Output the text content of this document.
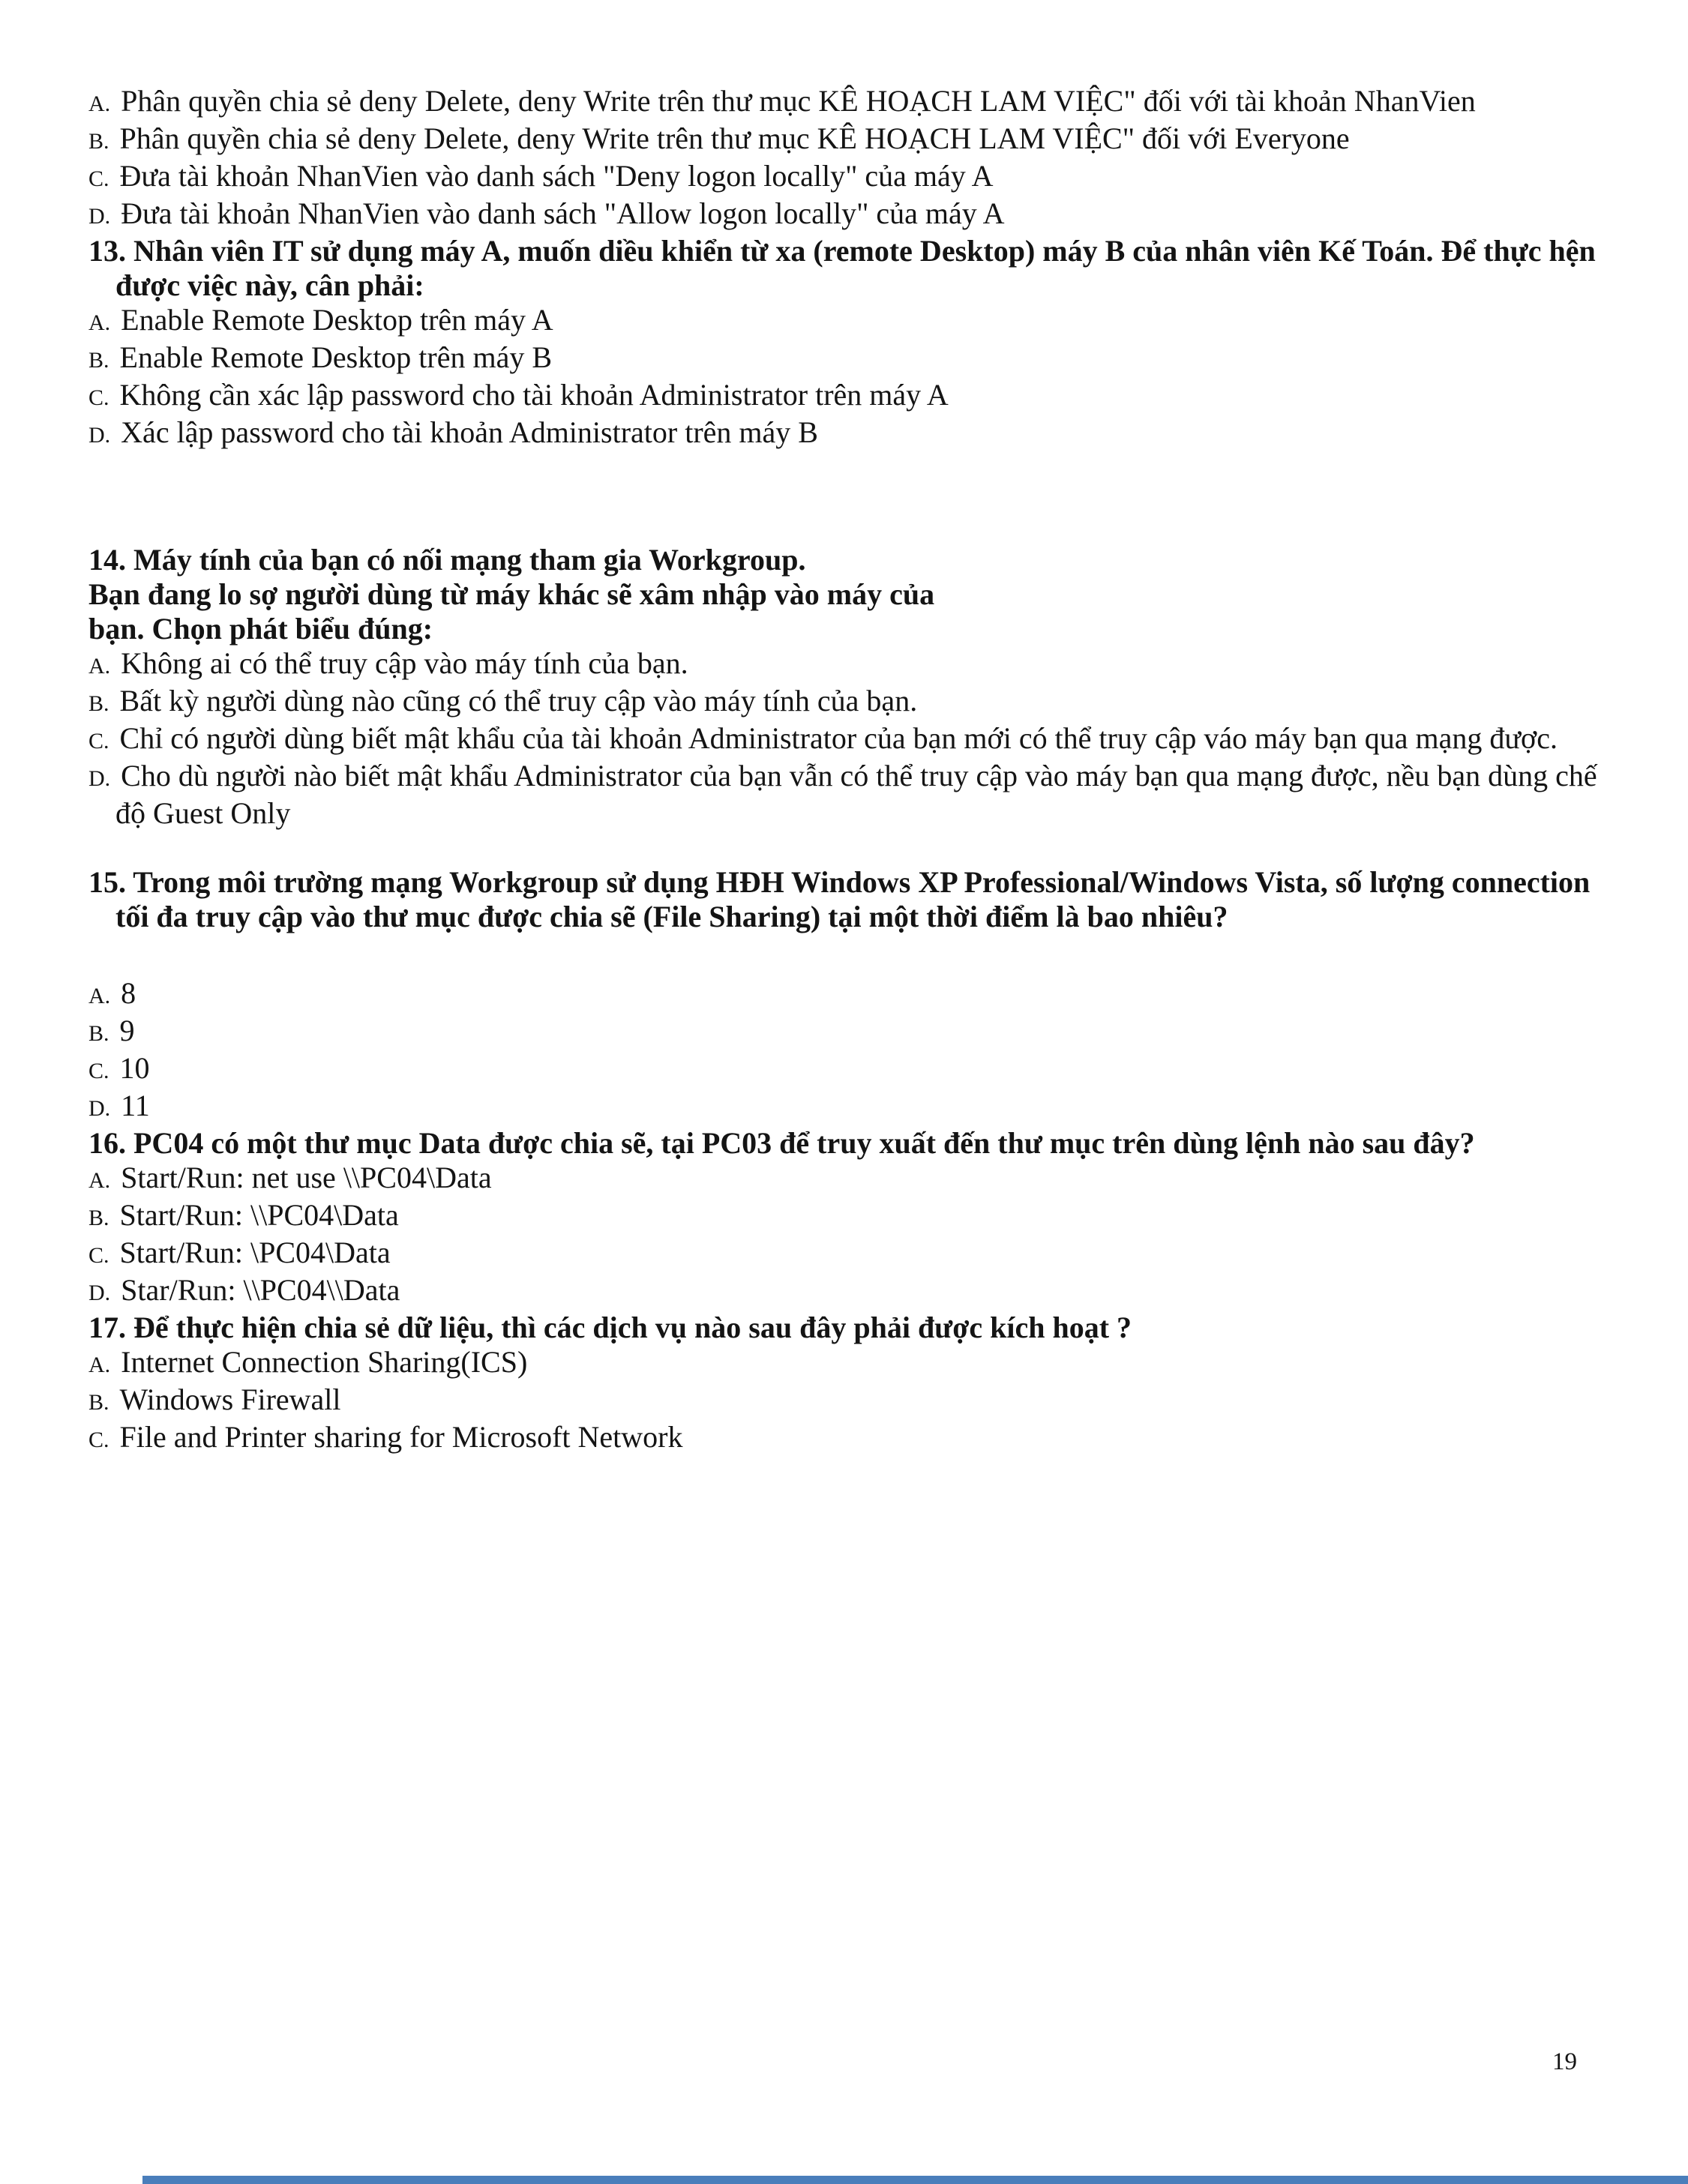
A. Phân quyền chia sẻ deny Delete, deny Write trên thư mục KÊ HOẠCH LAM VIỆC" đối với tài khoản NhanVien
B. Phân quyền chia sẻ deny Delete, deny Write trên thư mục KÊ HOẠCH LAM VIỆC" đối với Everyone
C. Đưa tài khoản NhanVien vào danh sách "Deny logon locally" của máy A
D. Đưa tài khoản NhanVien vào danh sách "Allow logon locally" của máy A
13. Nhân viên IT sử dụng máy A, muốn diều khiển từ xa (remote Desktop) máy B của nhân viên Kế Toán. Để thực hện được việc này, cân phải:
A. Enable Remote Desktop trên máy A
B. Enable Remote Desktop trên máy B
C. Không cần xác lập password cho tài khoản Administrator trên máy A
D. Xác lập password cho tài khoản Administrator trên máy B
14. Máy tính của bạn có nối mạng tham gia Workgroup.
Bạn đang lo sợ người dùng từ máy khác sẽ xâm nhập vào máy của
bạn. Chọn phát biểu đúng:
A. Không ai có thể truy cập vào máy tính của bạn.
B. Bất kỳ người dùng nào cũng có thể truy cập vào máy tính của bạn.
C. Chỉ có người dùng biết mật khẩu của tài khoản Administrator của bạn mới có thể truy cập váo máy bạn qua mạng được.
D. Cho dù người nào biết mật khẩu Administrator của bạn vẫn có thể truy cập vào máy bạn qua mạng được, nều bạn dùng chế độ Guest Only
15. Trong môi trường mạng Workgroup sử dụng HĐH Windows XP Professional/Windows Vista, số lượng connection tối đa truy cập vào thư mục được chia sẽ (File Sharing) tại một thời điểm là bao nhiêu?
A. 8
B. 9
C. 10
D. 11
16. PC04 có một thư mục Data được chia sẽ, tại PC03 để truy xuất đến thư mục trên dùng lệnh nào sau đây?
A. Start/Run: net use \\PC04\Data
B. Start/Run: \\PC04\Data
C. Start/Run: \PC04\Data
D. Star/Run: \\PC04\\Data
17. Để thực hiện chia sẻ dữ liệu, thì các dịch vụ nào sau đây phải được kích hoạt ?
A. Internet Connection Sharing(ICS)
B. Windows Firewall
C. File and Printer sharing for Microsoft Network
19
